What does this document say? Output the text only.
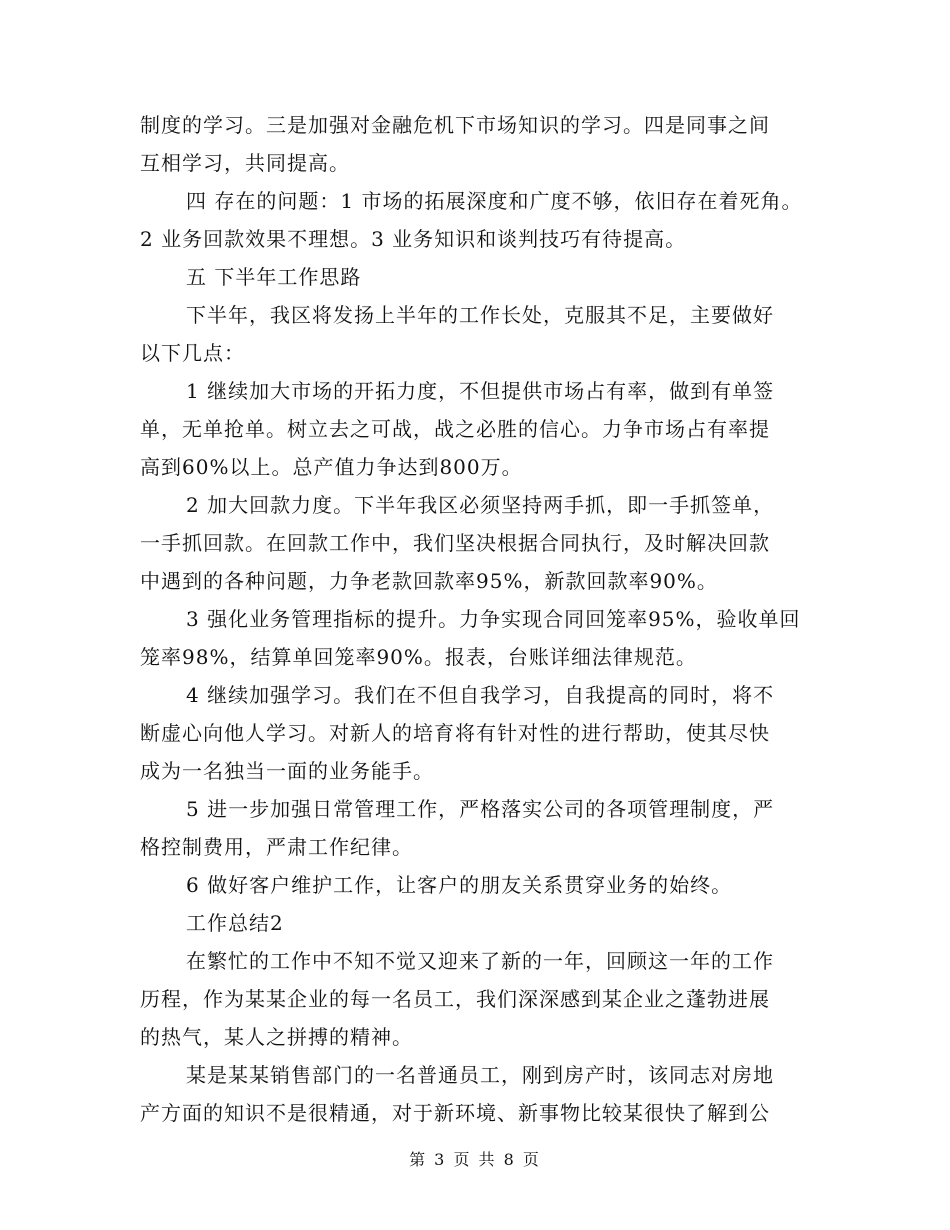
制度的学习。三是加强对金融危机下市场知识的学习。四是同事之间
互相学习，共同提高。
四 存在的问题：1 市场的拓展深度和广度不够，依旧存在着死角。
2 业务回款效果不理想。3 业务知识和谈判技巧有待提高。
五 下半年工作思路
下半年，我区将发扬上半年的工作长处，克服其不足，主要做好
以下几点：
1 继续加大市场的开拓力度，不但提供市场占有率，做到有单签
单，无单抢单。树立去之可战，战之必胜的信心。力争市场占有率提
高到60%以上。总产值力争达到800万。
2 加大回款力度。下半年我区必须坚持两手抓，即一手抓签单，
一手抓回款。在回款工作中，我们坚决根据合同执行，及时解决回款
中遇到的各种问题，力争老款回款率95%，新款回款率90%。
3 强化业务管理指标的提升。力争实现合同回笼率95%，验收单回
笼率98%，结算单回笼率90%。报表，台账详细法律规范。
4 继续加强学习。我们在不但自我学习，自我提高的同时，将不
断虚心向他人学习。对新人的培育将有针对性的进行帮助，使其尽快
成为一名独当一面的业务能手。
5 进一步加强日常管理工作，严格落实公司的各项管理制度，严
格控制费用，严肃工作纪律。
6 做好客户维护工作，让客户的朋友关系贯穿业务的始终。
工作总结2
在繁忙的工作中不知不觉又迎来了新的一年，回顾这一年的工作
历程，作为某某企业的每一名员工，我们深深感到某企业之蓬勃进展
的热气，某人之拼搏的精神。
某是某某销售部门的一名普通员工，刚到房产时，该同志对房地
产方面的知识不是很精通，对于新环境、新事物比较某很快了解到公
第 3 页 共 8 页
